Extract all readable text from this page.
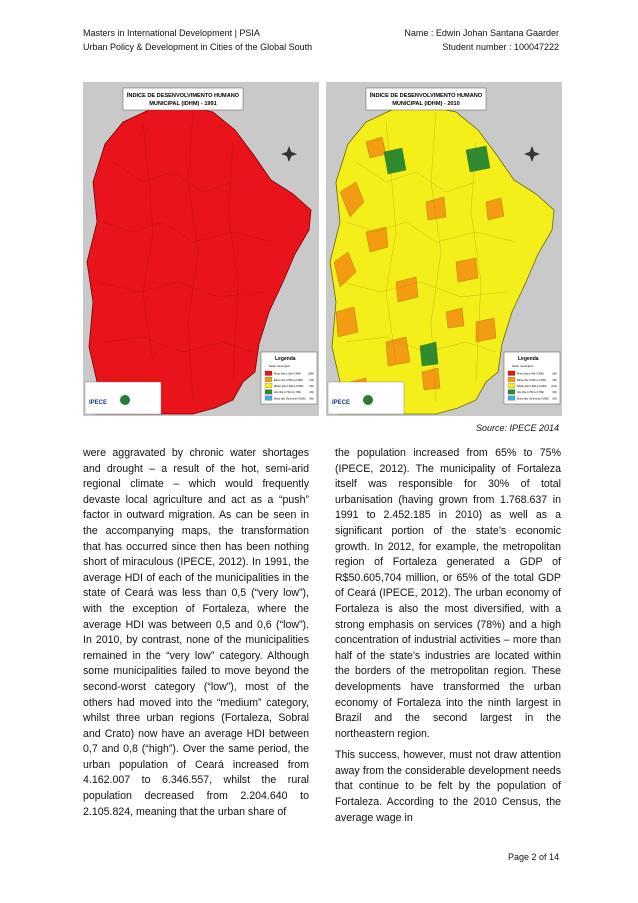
Masters in International Development | PSIA
Urban Policy & Development in Cities of the Global South
Name : Edwin Johan Santana Gaarder
Student number : 100047222
ÍNDICE DE DESENVOLVIMENTO HUMANO
MUNICIPAL (IDHM) - 1991
Legenda
Sede municipal
Muito baixo (Até 0,499)	(180)
Baixo (De 0,500 a 0,599)	(04)
Médio (De 0,600 a 0,699) (00)
Alto (De 0,700 a 0,799)	(00)
Muito alto (Acima de 0,800) (00)
IPECE
ÍNDICE DE DESENVOLVIMENTO HUMANO
MUNICIPAL (IDHM) - 2010
Legenda
Sede municipal
Muito baixo (Até 0,499)	(00)
Baixo (De 0,500 a 0,599)	(50)
Médio (De 0,600 a 0,699) (131)
Alto (De 0,700 a 0,799)	(03)
Muito alto (Acima de 0,800) (00)
IPECE
Source: IPECE 2014

were aggravated by chronic water shortages and drought – a result of the hot, semi-arid regional climate – which would frequently devaste local agriculture and act as a “push” factor in outward migration. As can be seen in the accompanying maps, the transformation that has occurred since then has been nothing short of miraculous (IPECE, 2012). In 1991, the average HDI of each of the municipalities in the state of Ceará was less than 0,5 (“very low”), with the exception of Fortaleza, where the average HDI was between 0,5 and 0,6 (“low”). In 2010, by contrast, none of the municipalities remained in the “very low” category. Although some municipalities failed to move beyond the second-worst category (“low”), most of the others had moved into the “medium” category, whilst three urban regions (Fortaleza, Sobral and Crato) now have an average HDI between 0,7 and 0,8 (“high”). Over the same period, the urban population of Ceará increased from 4.162.007 to 6.346.557, whilst the rural population decreased from 2.204.640 to 2.105.824, meaning that the urban share of

the population increased from 65% to 75% (IPECE, 2012). The municipality of Fortaleza itself was responsible for 30% of total urbanisation (having grown from 1.768.637 in 1991 to 2.452.185 in 2010) as well as a significant portion of the state’s economic growth. In 2012, for example, the metropolitan region of Fortaleza generated a GDP of R$50.605,704 million, or 65% of the total GDP of Ceará (IPECE, 2012). The urban economy of Fortaleza is also the most diversified, with a strong emphasis on services (78%) and a high concentration of industrial activities – more than half of the state’s industries are located within the borders of the metropolitan region. These developments have transformed the urban economy of Fortaleza into the ninth largest in Brazil and the second largest in the northeastern region.

This success, however, must not draw attention away from the considerable development needs that continue to be felt by the population of Fortaleza. According to the 2010 Census, the average wage in

Page 2 of 14
